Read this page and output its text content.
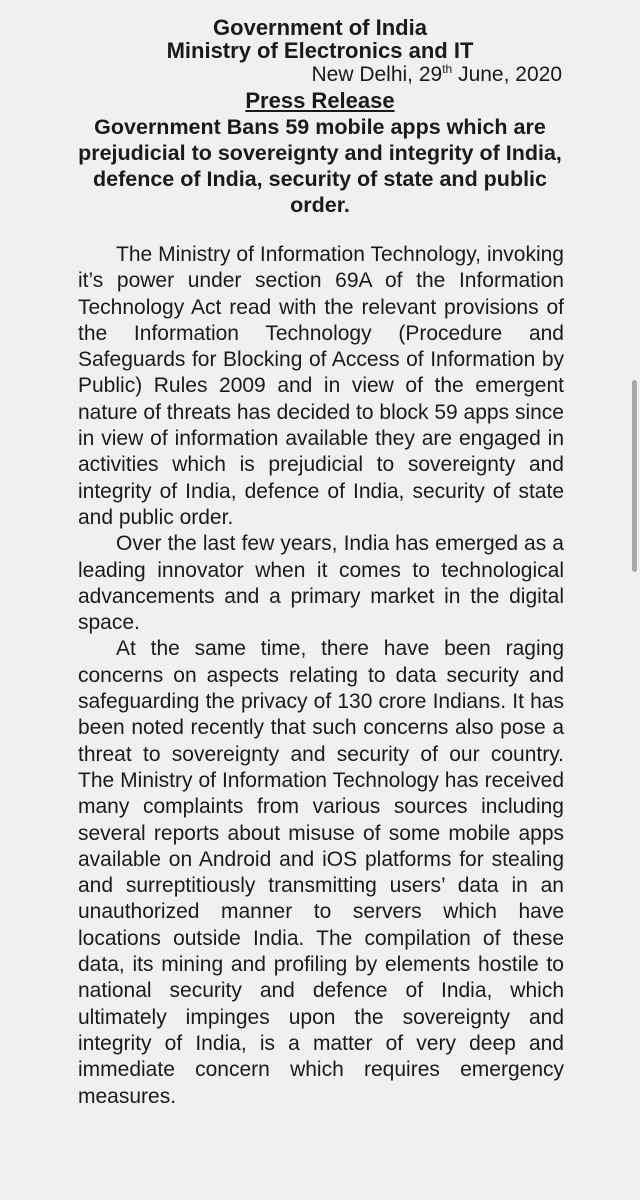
Government of India
Ministry of Electronics and IT
New Delhi, 29th June, 2020
Press Release
Government Bans 59 mobile apps which are prejudicial to sovereignty and integrity of India, defence of India, security of state and public order.

The Ministry of Information Technology, invoking it’s power under section 69A of the Information Technology Act read with the relevant provisions of the Information Technology (Procedure and Safeguards for Blocking of Access of Information by Public) Rules 2009 and in view of the emergent nature of threats has decided to block 59 apps since in view of information available they are engaged in activities which is prejudicial to sovereignty and integrity of India, defence of India, security of state and public order.

Over the last few years, India has emerged as a leading innovator when it comes to technological advancements and a primary market in the digital space.

At the same time, there have been raging concerns on aspects relating to data security and safeguarding the privacy of 130 crore Indians. It has been noted recently that such concerns also pose a threat to sovereignty and security of our country. The Ministry of Information Technology has received many complaints from various sources including several reports about misuse of some mobile apps available on Android and iOS platforms for stealing and surreptitiously transmitting users’ data in an unauthorized manner to servers which have locations outside India. The compilation of these data, its mining and profiling by elements hostile to national security and defence of India, which ultimately impinges upon the sovereignty and integrity of India, is a matter of very deep and immediate concern which requires emergency measures.
